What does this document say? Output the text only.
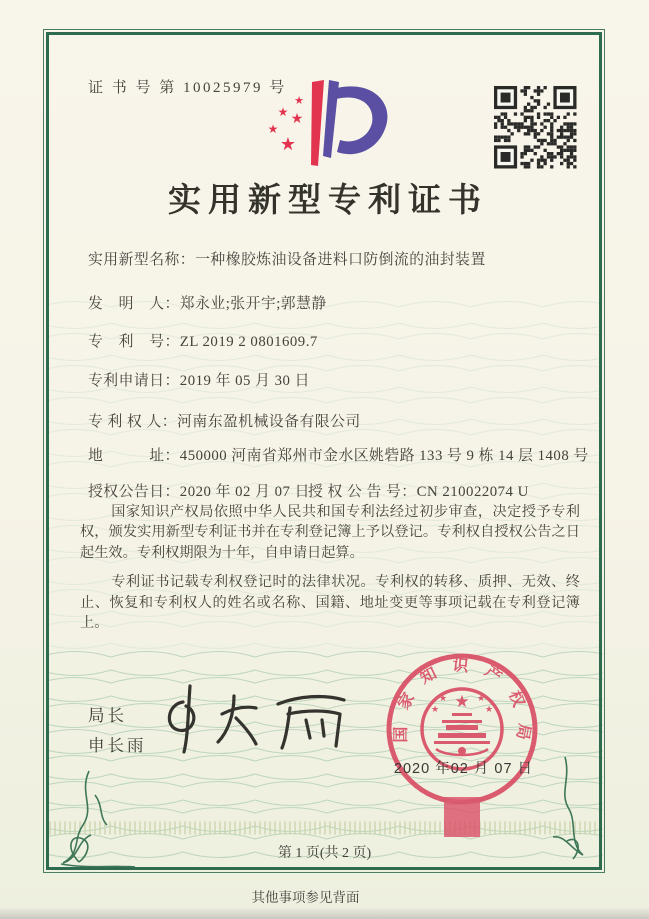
证 书 号 第 10025979 号
★
★ ★
★
★
实用新型专利证书
实用新型名称：一种橡胶炼油设备进料口防倒流的油封装置
发　明　人：郑永业;张开宇;郭慧静
专　利　号：ZL 2019 2 0801609.7
专利申请日：2019 年 05 月 30 日
专 利 权 人：河南东盈机械设备有限公司
地　　　址：450000 河南省郑州市金水区姚砦路 133 号 9 栋 14 层 1408 号
授权公告日：2020 年 02 月 07 日
授 权 公 告 号：CN 210022074 U

国家知识产权局依照中华人民共和国专利法经过初步审查，决定授予专利权，颁发实用新型专利证书并在专利登记簿上予以登记。专利权自授权公告之日起生效。专利权期限为十年，自申请日起算。

专利证书记载专利权登记时的法律状况。专利权的转移、质押、无效、终止、恢复和专利权人的姓名或名称、国籍、地址变更等事项记载在专利登记簿上。

局长
申长雨
国家知识产权局
★
★	★
★	★
2020 年02 月 07 日
第 1 页(共 2 页)
其他事项参见背面
